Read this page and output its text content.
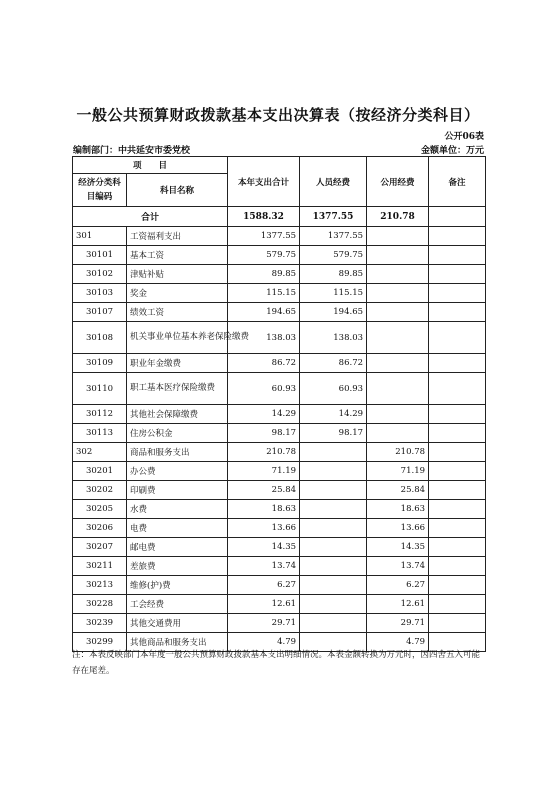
一般公共预算财政拨款基本支出决算表（按经济分类科目）
公开06表
编制部门：中共延安市委党校	金额单位：万元
项　　目		本年支出合计	人员经费	公用经费	备注
经济分类科目编码	科目名称				
合计		1588.32	1377.55	210.78	
301	工资福利支出	1377.55	1377.55		
30101	基本工资	579.75	579.75		
30102	津贴补贴	89.85	89.85		
30103	奖金	115.15	115.15		
30107	绩效工资	194.65	194.65		
30108	机关事业单位基本养老保险缴费	138.03	138.03		
30109	职业年金缴费	86.72	86.72		
30110	职工基本医疗保险缴费	60.93	60.93		
30112	其他社会保障缴费	14.29	14.29		
30113	住房公积金	98.17	98.17		
302	商品和服务支出	210.78		210.78	
30201	办公费	71.19		71.19	
30202	印刷费	25.84		25.84	
30205	水费	18.63		18.63	
30206	电费	13.66		13.66	
30207	邮电费	14.35		14.35	
30211	差旅费	13.74		13.74	
30213	维修(护)费	6.27		6.27	
30228	工会经费	12.61		12.61	
30239	其他交通费用	29.71		29.71	
30299	其他商品和服务支出	4.79		4.79	
注：本表反映部门本年度一般公共预算财政拨款基本支出明细情况。本表金额转换为万元时，因四舍五入可能存在尾差。
